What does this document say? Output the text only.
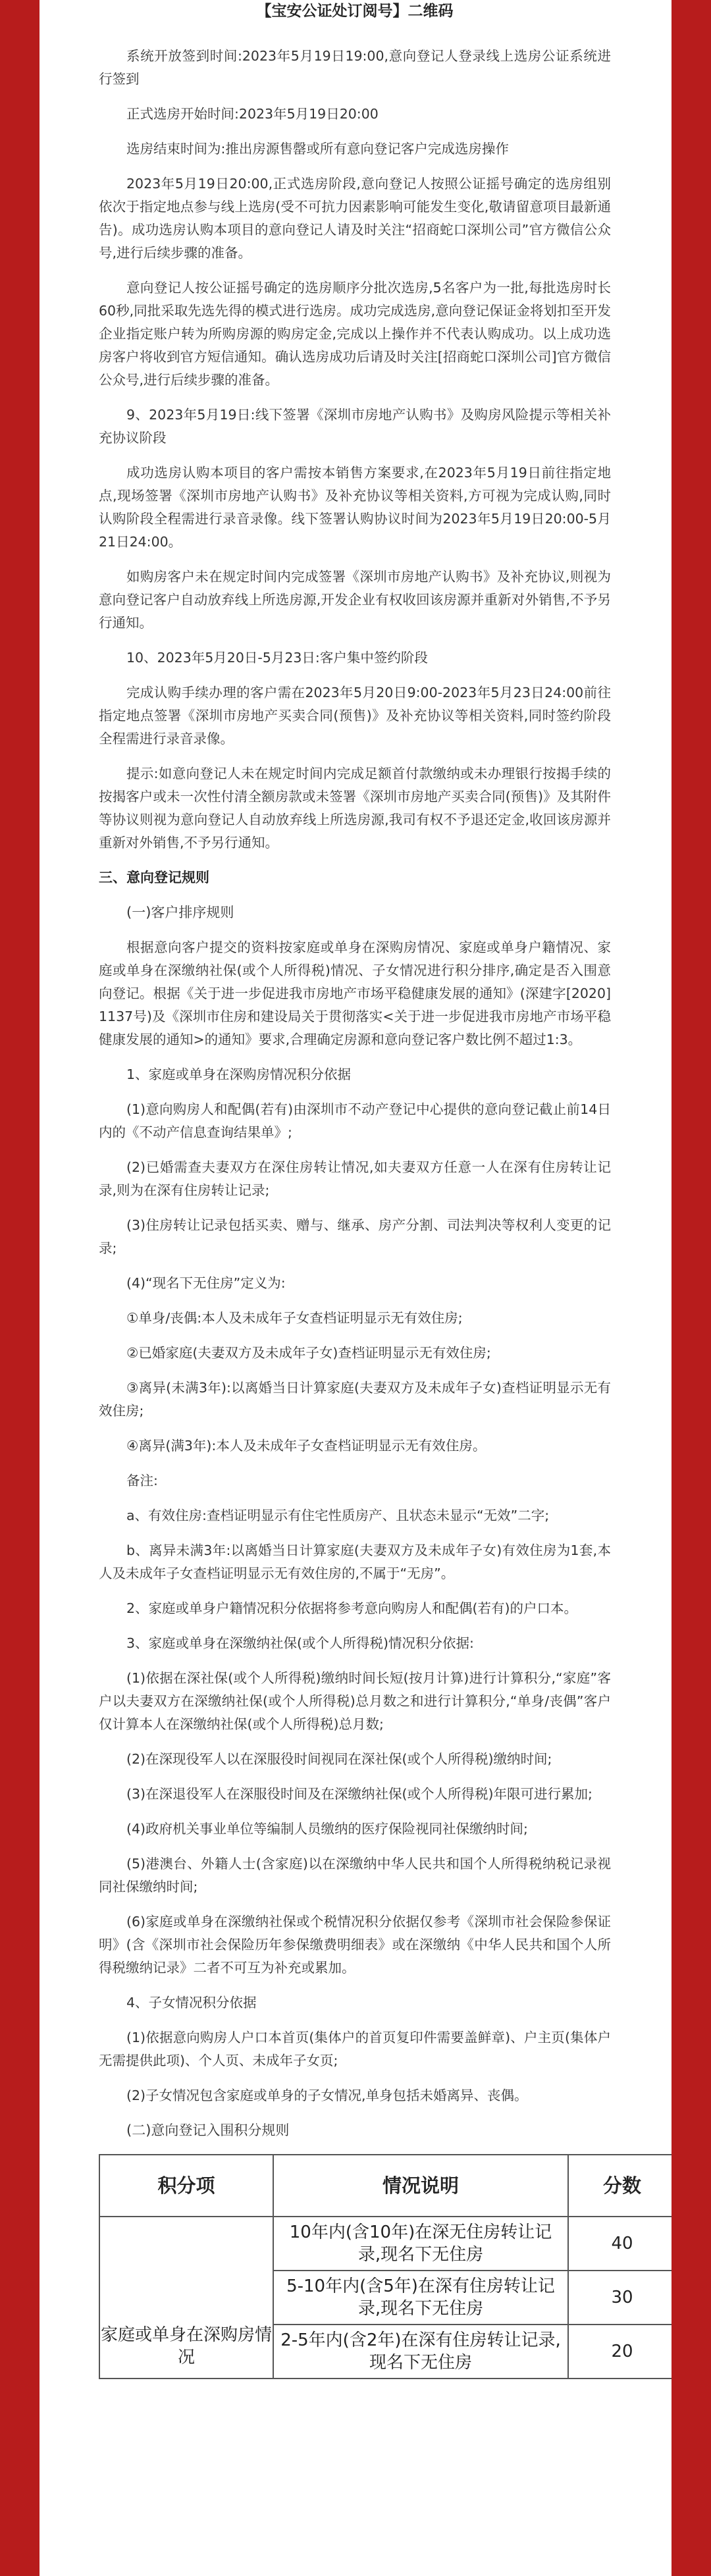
【宝安公证处订阅号】二维码

系统开放签到时间:2023年5月19日19:00,意向登记人登录线上选房公证系统进行签到

正式选房开始时间:2023年5月19日20:00

选房结束时间为:推出房源售罄或所有意向登记客户完成选房操作

2023年5月19日20:00,正式选房阶段,意向登记人按照公证摇号确定的选房组别依次于指定地点参与线上选房(受不可抗力因素影响可能发生变化,敬请留意项目最新通告)。成功选房认购本项目的意向登记人请及时关注“招商蛇口深圳公司”官方微信公众号,进行后续步骤的准备。

意向登记人按公证摇号确定的选房顺序分批次选房,5名客户为一批,每批选房时长60秒,同批采取先选先得的模式进行选房。成功完成选房,意向登记保证金将划扣至开发企业指定账户转为所购房源的购房定金,完成以上操作并不代表认购成功。以上成功选房客户将收到官方短信通知。确认选房成功后请及时关注[招商蛇口深圳公司]官方微信公众号,进行后续步骤的准备。

9、2023年5月19日:线下签署《深圳市房地产认购书》及购房风险提示等相关补充协议阶段

成功选房认购本项目的客户需按本销售方案要求,在2023年5月19日前往指定地点,现场签署《深圳市房地产认购书》及补充协议等相关资料,方可视为完成认购,同时认购阶段全程需进行录音录像。线下签署认购协议时间为2023年5月19日20:00-5月21日24:00。

如购房客户未在规定时间内完成签署《深圳市房地产认购书》及补充协议,则视为意向登记客户自动放弃线上所选房源,开发企业有权收回该房源并重新对外销售,不予另行通知。

10、2023年5月20日-5月23日:客户集中签约阶段

完成认购手续办理的客户需在2023年5月20日9:00-2023年5月23日24:00前往指定地点签署《深圳市房地产买卖合同(预售)》及补充协议等相关资料,同时签约阶段全程需进行录音录像。

提示:如意向登记人未在规定时间内完成足额首付款缴纳或未办理银行按揭手续的按揭客户或未一次性付清全额房款或未签署《深圳市房地产买卖合同(预售)》及其附件等协议则视为意向登记人自动放弃线上所选房源,我司有权不予退还定金,收回该房源并重新对外销售,不予另行通知。

三、意向登记规则

(一)客户排序规则

根据意向客户提交的资料按家庭或单身在深购房情况、家庭或单身户籍情况、家庭或单身在深缴纳社保(或个人所得税)情况、子女情况进行积分排序,确定是否入围意向登记。根据《关于进一步促进我市房地产市场平稳健康发展的通知》(深建字[2020]1137号)及《深圳市住房和建设局关于贯彻落实<关于进一步促进我市房地产市场平稳健康发展的通知>的通知》要求,合理确定房源和意向登记客户数比例不超过1:3。

1、家庭或单身在深购房情况积分依据

(1)意向购房人和配偶(若有)由深圳市不动产登记中心提供的意向登记截止前14日内的《不动产信息查询结果单》;

(2)已婚需查夫妻双方在深住房转让情况,如夫妻双方任意一人在深有住房转让记录,则为在深有住房转让记录;

(3)住房转让记录包括买卖、赠与、继承、房产分割、司法判决等权利人变更的记录;

(4)“现名下无住房”定义为:

①单身/丧偶:本人及未成年子女查档证明显示无有效住房;

②已婚家庭(夫妻双方及未成年子女)查档证明显示无有效住房;

③离异(未满3年):以离婚当日计算家庭(夫妻双方及未成年子女)查档证明显示无有效住房;

④离异(满3年):本人及未成年子女查档证明显示无有效住房。

备注:

a、有效住房:查档证明显示有住宅性质房产、且状态未显示“无效”二字;

b、离异未满3年:以离婚当日计算家庭(夫妻双方及未成年子女)有效住房为1套,本人及未成年子女查档证明显示无有效住房的,不属于“无房”。

2、家庭或单身户籍情况积分依据将参考意向购房人和配偶(若有)的户口本。

3、家庭或单身在深缴纳社保(或个人所得税)情况积分依据:

(1)依据在深社保(或个人所得税)缴纳时间长短(按月计算)进行计算积分,“家庭”客户以夫妻双方在深缴纳社保(或个人所得税)总月数之和进行计算积分,“单身/丧偶”客户仅计算本人在深缴纳社保(或个人所得税)总月数;

(2)在深现役军人以在深服役时间视同在深社保(或个人所得税)缴纳时间;

(3)在深退役军人在深服役时间及在深缴纳社保(或个人所得税)年限可进行累加;

(4)政府机关事业单位等编制人员缴纳的医疗保险视同社保缴纳时间;

(5)港澳台、外籍人士(含家庭)以在深缴纳中华人民共和国个人所得税纳税记录视同社保缴纳时间;

(6)家庭或单身在深缴纳社保或个税情况积分依据仅参考《深圳市社会保险参保证明》(含《深圳市社会保险历年参保缴费明细表》或在深缴纳《中华人民共和国个人所得税缴纳记录》二者不可互为补充或累加。

4、子女情况积分依据

(1)依据意向购房人户口本首页(集体户的首页复印件需要盖鲜章)、户主页(集体户无需提供此项)、个人页、未成年子女页;

(2)子女情况包含家庭或单身的子女情况,单身包括未婚离异、丧偶。

(二)意向登记入围积分规则

积分项	情况说明	分数
家庭或单身在深购房情况	10年内(含10年)在深无住房转让记录,现名下无住房	40
	5-10年内(含5年)在深有住房转让记录,现名下无住房	30
	2-5年内(含2年)在深有住房转让记录,现名下无住房	20
